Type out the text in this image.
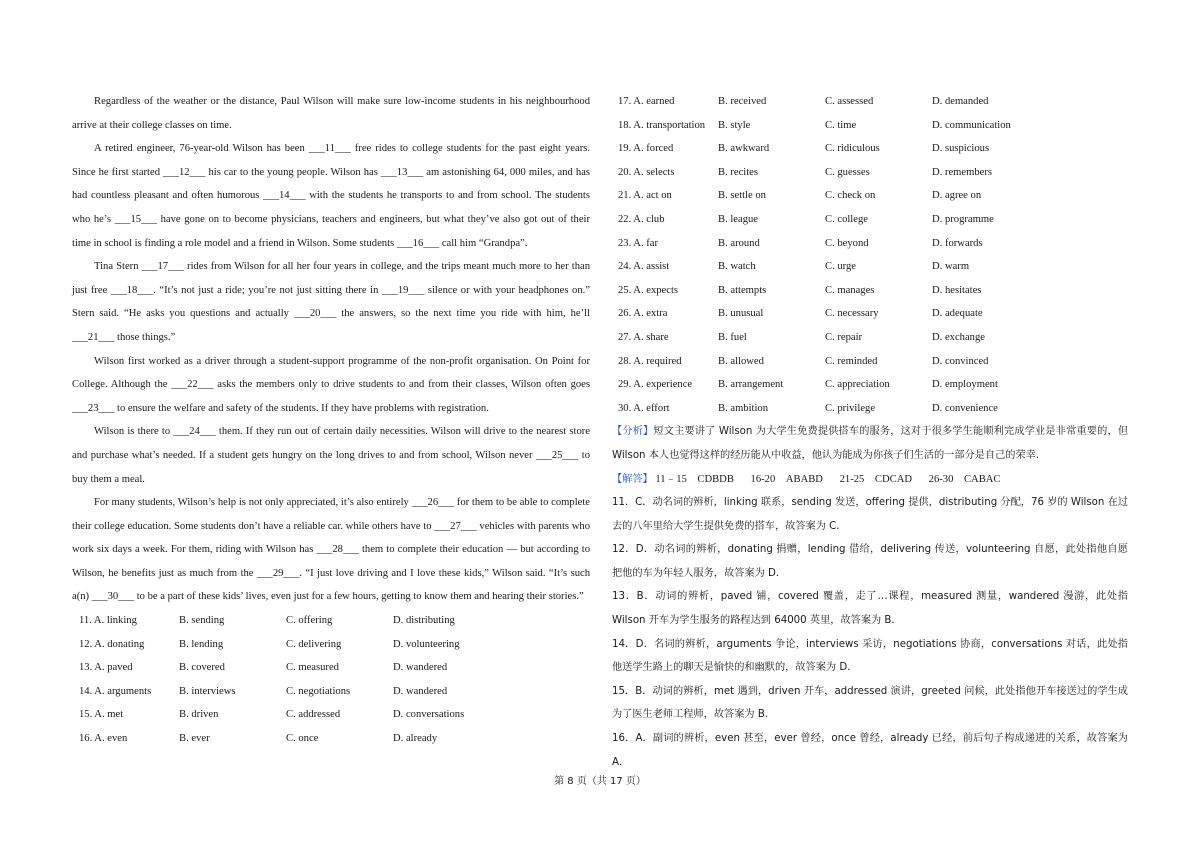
Regardless of the weather or the distance, Paul Wilson will make sure low-income students in his neighbourhood arrive at their college classes on time.

A retired engineer, 76-year-old Wilson has been ___11___ free rides to college students for the past eight years. Since he first started ___12___ his car to the young people. Wilson has ___13___ am astonishing 64, 000 miles, and has had countless pleasant and often humorous ___14___ with the students he transports to and from school. The students who he’s ___15___ have gone on to become physicians, teachers and engineers, but what they’ve also got out of their time in school is finding a role model and a friend in Wilson. Some students ___16___ call him “Grandpa”.

Tina Stern ___17___ rides from Wilson for all her four years in college, and the trips meant much more to her than just free ___18___. “It’s not just a ride; you’re not just sitting there in ___19___ silence or with your headphones on.” Stern said. “He asks you questions and actually ___20___ the answers, so the next time you ride with him, he’ll ___21___ those things.”

Wilson first worked as a driver through a student-support programme of the non-profit organisation. On Point for College. Although the ___22___ asks the members only to drive students to and from their classes, Wilson often goes ___23___ to ensure the welfare and safety of the students. If they have problems with registration.

Wilson is there to ___24___ them. If they run out of certain daily necessities. Wilson will drive to the nearest store and purchase what’s needed. If a student gets hungry on the long drives to and from school, Wilson never ___25___ to buy them a meal.

For many students, Wilson’s help is not only appreciated, it’s also entirely ___26___ for them to be able to complete their college education. Some students don’t have a reliable car. while others have to ___27___ vehicles with parents who work six days a week. For them, riding with Wilson has ___28___ them to complete their education — but according to Wilson, he benefits just as much from the ___29___. “I just love driving and I love these kids,” Wilson said. “It’s such a(n) ___30___ to be a part of these kids’ lives, even just for a few hours, getting to know them and hearing their stories.”

11. A. linking	B. sending	C. offering	D. distributing
12. A. donating	B. lending	C. delivering	D. volunteering
13. A. paved	B. covered	C. measured	D. wandered
14. A. arguments	B. interviews	C. negotiations	D. wandered
15. A. met	B. driven	C. addressed	D. conversations
16. A. even	B. ever	C. once	D. already
17. A. earned	B. received	C. assessed	D. demanded
18. A. transportation	B. style	C. time	D. communication
19. A. forced	B. awkward	C. ridiculous	D. suspicious
20. A. selects	B. recites	C. guesses	D. remembers
21. A. act on	B. settle on	C. check on	D. agree on
22. A. club	B. league	C. college	D. programme
23. A. far	B. around	C. beyond	D. forwards
24. A. assist	B. watch	C. urge	D. warm
25. A. expects	B. attempts	C. manages	D. hesitates
26. A. extra	B. unusual	C. necessary	D. adequate
27. A. share	B. fuel	C. repair	D. exchange
28. A. required	B. allowed	C. reminded	D. convinced
29. A. experience	B. arrangement	C. appreciation	D. employment
30. A. effort	B. ambition	C. privilege	D. convenience

【分析】短文主要讲了 Wilson 为大学生免费提供搭车的服务，这对于很多学生能顺利完成学业是非常重要的，但 Wilson 本人也觉得这样的经历能从中收益，他认为能成为你孩子们生活的一部分是自己的荣幸.

【解答】 11﹣15　CDBDB 16-20　ABABD 21-25　CDCAD 26-30　CABAC

11．C．动名词的辨析，linking 联系，sending 发送，offering 提供，distributing 分配，76 岁的 Wilson 在过去的八年里给大学生提供免费的搭车，故答案为 C．

12．D．动名词的辨析，donating 捐赠，lending 借给，delivering 传送，volunteering 自愿，此处指他自愿把他的车为年轻人服务，故答案为 D．

13．B．动词的辨析，paved 铺，covered 覆盖，走了…课程，measured 测量，wandered 漫游，此处指 Wilson 开车为学生服务的路程达到 64000 英里，故答案为 B．

14．D．名词的辨析，arguments 争论，interviews 采访，negotiations 协商，conversations 对话，此处指他送学生路上的聊天是愉快的和幽默的，故答案为 D．

15．B．动词的辨析，met 遇到，driven 开车，addressed 演讲，greeted 问候，此处指他开车接送过的学生成为了医生老师工程师，故答案为 B．

16．A．副词的辨析，even 甚至，ever 曾经，once 曾经，already 已经，前后句子构成递进的关系，故答案为 A．

第 8 页（共 17 页）
